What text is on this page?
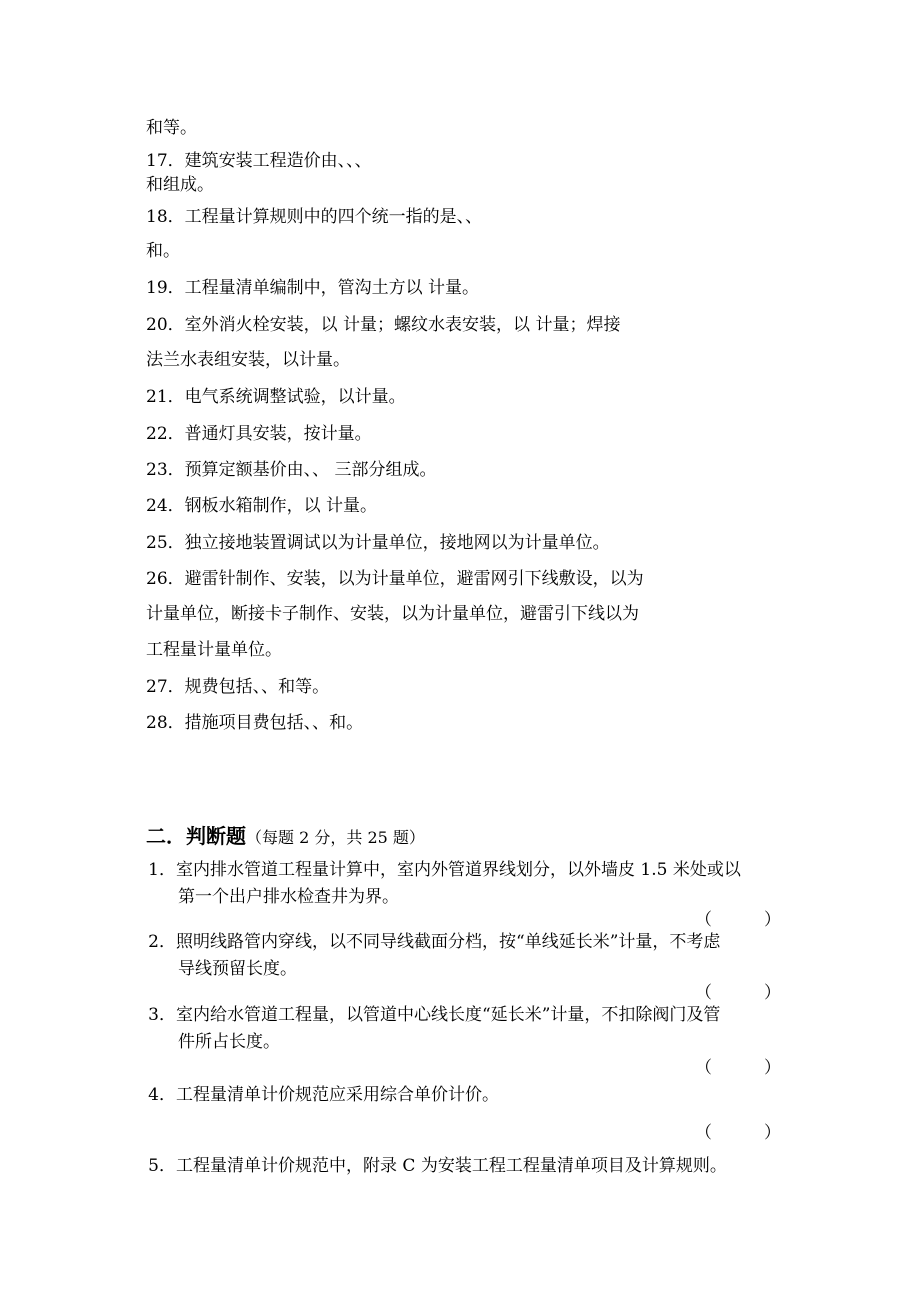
和等。
17．建筑安装工程造价由、、、
和组成。
18．工程量计算规则中的四个统一指的是、、
和。
19．工程量清单编制中，管沟土方以 计量。
20．室外消火栓安装，以 计量；螺纹水表安装，以 计量；焊接
法兰水表组安装，以计量。
21．电气系统调整试验，以计量。
22．普通灯具安装，按计量。
23．预算定额基价由、、 三部分组成。
24．钢板水箱制作，以 计量。
25．独立接地装置调试以为计量单位，接地网以为计量单位。
26．避雷针制作、安装，以为计量单位，避雷网引下线敷设，以为
计量单位，断接卡子制作、安装，以为计量单位，避雷引下线以为
工程量计量单位。
27．规费包括、、和等。
28．措施项目费包括、、和。
二．判断题（每题 2 分，共 25 题）
1．室内排水管道工程量计算中，室内外管道界线划分，以外墙皮 1.5 米处或以
第一个出户排水检查井为界。
（	）
2．照明线路管内穿线，以不同导线截面分档，按“单线延长米”计量，不考虑
导线预留长度。
（	）
3．室内给水管道工程量，以管道中心线长度“延长米”计量，不扣除阀门及管
件所占长度。
（	）
4．工程量清单计价规范应采用综合单价计价。
（	）
5．工程量清单计价规范中，附录 C 为安装工程工程量清单项目及计算规则。
